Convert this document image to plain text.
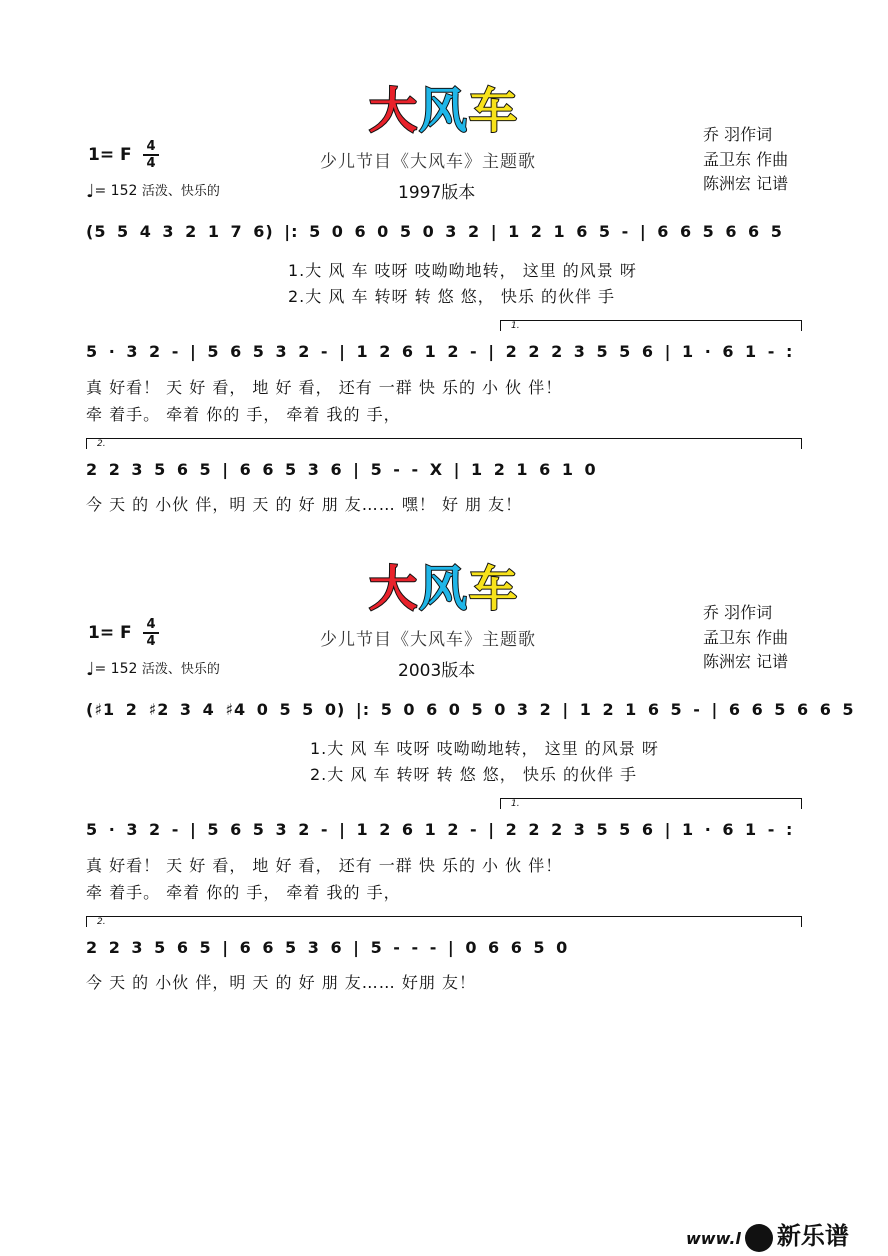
大风车
1= F 4
4
♩= 152 活泼、快乐的
少儿节目《大风车》主题歌
1997版本
乔 羽作词
孟卫东 作曲
陈洲宏 记谱
(5 5 4 3 2 1 7 6) |: 5 0 6 0 5 0 3 2 | 1 2 1 6 5 - | 6 6 5 6 6 5
1.大 风 车 吱呀 吱呦呦地转， 这里 的风景 呀
2.大 风 车 转呀 转 悠 悠， 快乐 的伙伴 手
1.
5 · 3 2 - | 5 6 5 3 2 - | 1 2 6 1 2 - | 2 2 2 3 5 5 6 | 1 · 6 1 - :
真 好看！ 天 好 看， 地 好 看， 还有 一群 快 乐的 小 伙 伴！
牵 着手。 牵着 你的 手， 牵着 我的 手，
2.
2 2 3 5 6 5 | 6 6 5 3 6 | 5 - - X | 1 2 1 6 1 0
今 天 的 小伙 伴，明 天 的 好 朋 友…… 嘿！ 好 朋 友！
大风车
1= F 4
4
♩= 152 活泼、快乐的
少儿节目《大风车》主题歌
2003版本
乔 羽作词
孟卫东 作曲
陈洲宏 记谱
(♯1 2 ♯2 3 4 ♯4 0 5 5 0) |: 5 0 6 0 5 0 3 2 | 1 2 1 6 5 - | 6 6 5 6 6 5
1.大 风 车 吱呀 吱呦呦地转， 这里 的风景 呀
2.大 风 车 转呀 转 悠 悠， 快乐 的伙伴 手
1.
5 · 3 2 - | 5 6 5 3 2 - | 1 2 6 1 2 - | 2 2 2 3 5 5 6 | 1 · 6 1 - :
真 好看！ 天 好 看， 地 好 看， 还有 一群 快 乐的 小 伙 伴！
牵 着手。 牵着 你的 手， 牵着 我的 手，
2.
2 2 3 5 6 5 | 6 6 5 3 6 | 5 - - - | 0 6 6 5 0
今 天 的 小伙 伴，明 天 的 好 朋 友…… 好朋 友！
www.l 新乐谱
